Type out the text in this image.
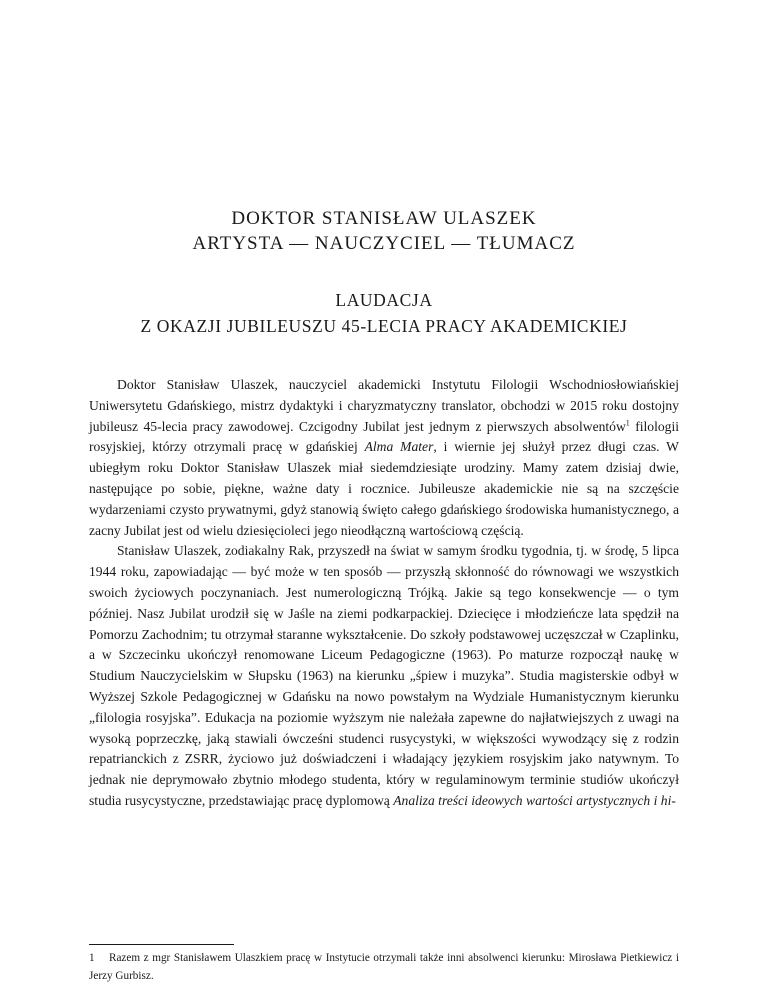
DOKTOR STANISŁAW ULASZEK
ARTYSTA — NAUCZYCIEL — TŁUMACZ
LAUDACJA
Z OKAZJI JUBILEUSZU 45-LECIA PRACY AKADEMICKIEJ

Doktor Stanisław Ulaszek, nauczyciel akademicki Instytutu Filologii Wschodniosłowiańskiej Uniwersytetu Gdańskiego, mistrz dydaktyki i charyzmatyczny translator, obchodzi w 2015 roku dostojny jubileusz 45-lecia pracy zawodowej. Czcigodny Jubilat jest jednym z pierwszych absolwentów$^1$ filologii rosyjskiej, którzy otrzymali pracę w gdańskiej Alma Mater, i wiernie jej służył przez długi czas. W ubiegłym roku Doktor Stanisław Ulaszek miał siedemdziesiąte urodziny. Mamy zatem dzisiaj dwie, następujące po sobie, piękne, ważne daty i rocznice. Jubileusze akademickie nie są na szczęście wydarzeniami czysto prywatnymi, gdyż stanowią święto całego gdańskiego środowiska humanistycznego, a zacny Jubilat jest od wielu dziesięcioleci jego nieodłączną wartościową częścią.

Stanisław Ulaszek, zodiakalny Rak, przyszedł na świat w samym środku tygodnia, tj. w środę, 5 lipca 1944 roku, zapowiadając — być może w ten sposób — przyszłą skłonność do równowagi we wszystkich swoich życiowych poczynaniach. Jest numerologiczną Trójką. Jakie są tego konsekwencje — o tym później. Nasz Jubilat urodził się w Jaśle na ziemi podkarpackiej. Dziecięce i młodzieńcze lata spędził na Pomorzu Zachodnim; tu otrzymał staranne wykształcenie. Do szkoły podstawowej uczęszczał w Czaplinku, a w Szczecinku ukończył renomowane Liceum Pedagogiczne (1963). Po maturze rozpoczął naukę w Studium Nauczycielskim w Słupsku (1963) na kierunku „śpiew i muzyka”. Studia magisterskie odbył w Wyższej Szkole Pedagogicznej w Gdańsku na nowo powstałym na Wydziale Humanistycznym kierunku „filologia rosyjska”. Edukacja na poziomie wyższym nie należała zapewne do najłatwiejszych z uwagi na wysoką poprzeczkę, jaką stawiali ówcześni studenci rusycystyki, w większości wywodzący się z rodzin repatrianckich z ZSRR, życiowo już doświadczeni i władający językiem rosyjskim jako natywnym. To jednak nie deprymowało zbytnio młodego studenta, który w regulaminowym terminie studiów ukończył studia rusycystyczne, przedstawiając pracę dyplomową Analiza treści ideowych wartości artystycznych i hi-

1 Razem z mgr Stanisławem Ulaszkiem pracę w Instytucie otrzymali także inni absolwenci kierunku: Mirosława Pietkiewicz i Jerzy Gurbisz.
